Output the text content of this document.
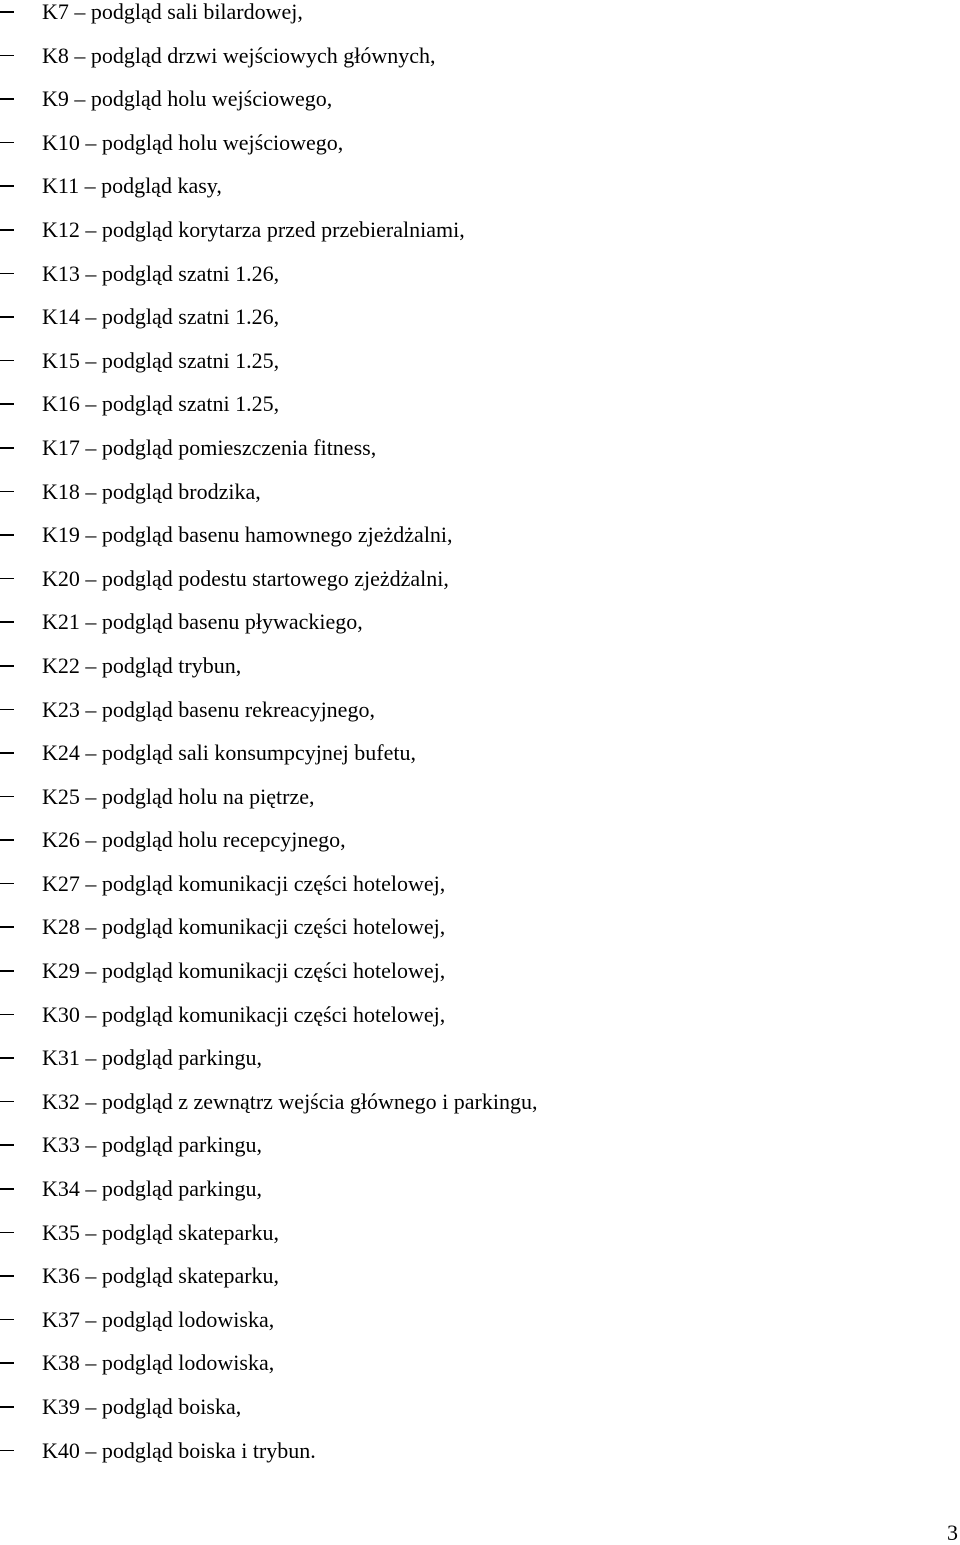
K7 – podgląd sali bilardowej,
K8 – podgląd drzwi wejściowych głównych,
K9 – podgląd holu wejściowego,
K10 – podgląd holu wejściowego,
K11 – podgląd kasy,
K12 – podgląd korytarza przed przebieralniami,
K13 – podgląd szatni 1.26,
K14 – podgląd szatni 1.26,
K15 – podgląd szatni 1.25,
K16 – podgląd szatni 1.25,
K17 – podgląd pomieszczenia fitness,
K18 – podgląd brodzika,
K19 – podgląd basenu hamownego zjeżdżalni,
K20 – podgląd podestu startowego zjeżdżalni,
K21 – podgląd basenu pływackiego,
K22 – podgląd trybun,
K23 – podgląd basenu rekreacyjnego,
K24 – podgląd sali konsumpcyjnej bufetu,
K25 – podgląd holu na piętrze,
K26 – podgląd holu recepcyjnego,
K27 – podgląd komunikacji części hotelowej,
K28 – podgląd komunikacji części hotelowej,
K29 – podgląd komunikacji części hotelowej,
K30 – podgląd komunikacji części hotelowej,
K31 – podgląd parkingu,
K32 – podgląd z zewnątrz wejścia głównego i parkingu,
K33 – podgląd parkingu,
K34 – podgląd parkingu,
K35 – podgląd skateparku,
K36 – podgląd skateparku,
K37 – podgląd lodowiska,
K38 – podgląd lodowiska,
K39 – podgląd boiska,
K40 – podgląd boiska i trybun.
3
